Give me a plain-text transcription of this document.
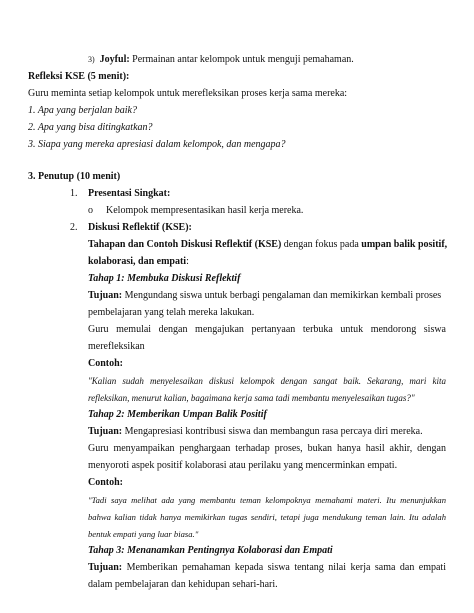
3) Joyful: Permainan antar kelompok untuk menguji pemahaman.
Refleksi KSE (5 menit):
Guru meminta setiap kelompok untuk merefleksikan proses kerja sama mereka:
1. Apa yang berjalan baik?
2. Apa yang bisa ditingkatkan?
3. Siapa yang mereka apresiasi dalam kelompok, dan mengapa?
3. Penutup (10 menit)
1. Presentasi Singkat:
o Kelompok mempresentasikan hasil kerja mereka.
2. Diskusi Reflektif (KSE):
Tahapan dan Contoh Diskusi Reflektif (KSE) dengan fokus pada umpan balik positif,
kolaborasi, dan empati:
Tahap 1: Membuka Diskusi Reflektif
Tujuan: Mengundang siswa untuk berbagi pengalaman dan memikirkan kembali proses
pembelajaran yang telah mereka lakukan.
Guru memulai dengan mengajukan pertanyaan terbuka untuk mendorong siswa
merefleksikan
Contoh:
"Kalian sudah menyelesaikan diskusi kelompok dengan sangat baik. Sekarang, mari kita
refleksikan, menurut kalian, bagaimana kerja sama tadi membantu menyelesaikan tugas?"
Tahap 2: Memberikan Umpan Balik Positif
Tujuan: Mengapresiasi kontribusi siswa dan membangun rasa percaya diri mereka.
Guru menyampaikan penghargaan terhadap proses, bukan hanya hasil akhir, dengan
menyoroti aspek positif kolaborasi atau perilaku yang mencerminkan empati.
Contoh:
"Tadi saya melihat ada yang membantu teman kelompoknya memahami materi. Itu menunjukkan
bahwa kalian tidak hanya memikirkan tugas sendiri, tetapi juga mendukung teman lain. Itu adalah
bentuk empati yang luar biasa."
Tahap 3: Menanamkan Pentingnya Kolaborasi dan Empati
Tujuan: Memberikan pemahaman kepada siswa tentang nilai kerja sama dan empati
dalam pembelajaran dan kehidupan sehari-hari.
